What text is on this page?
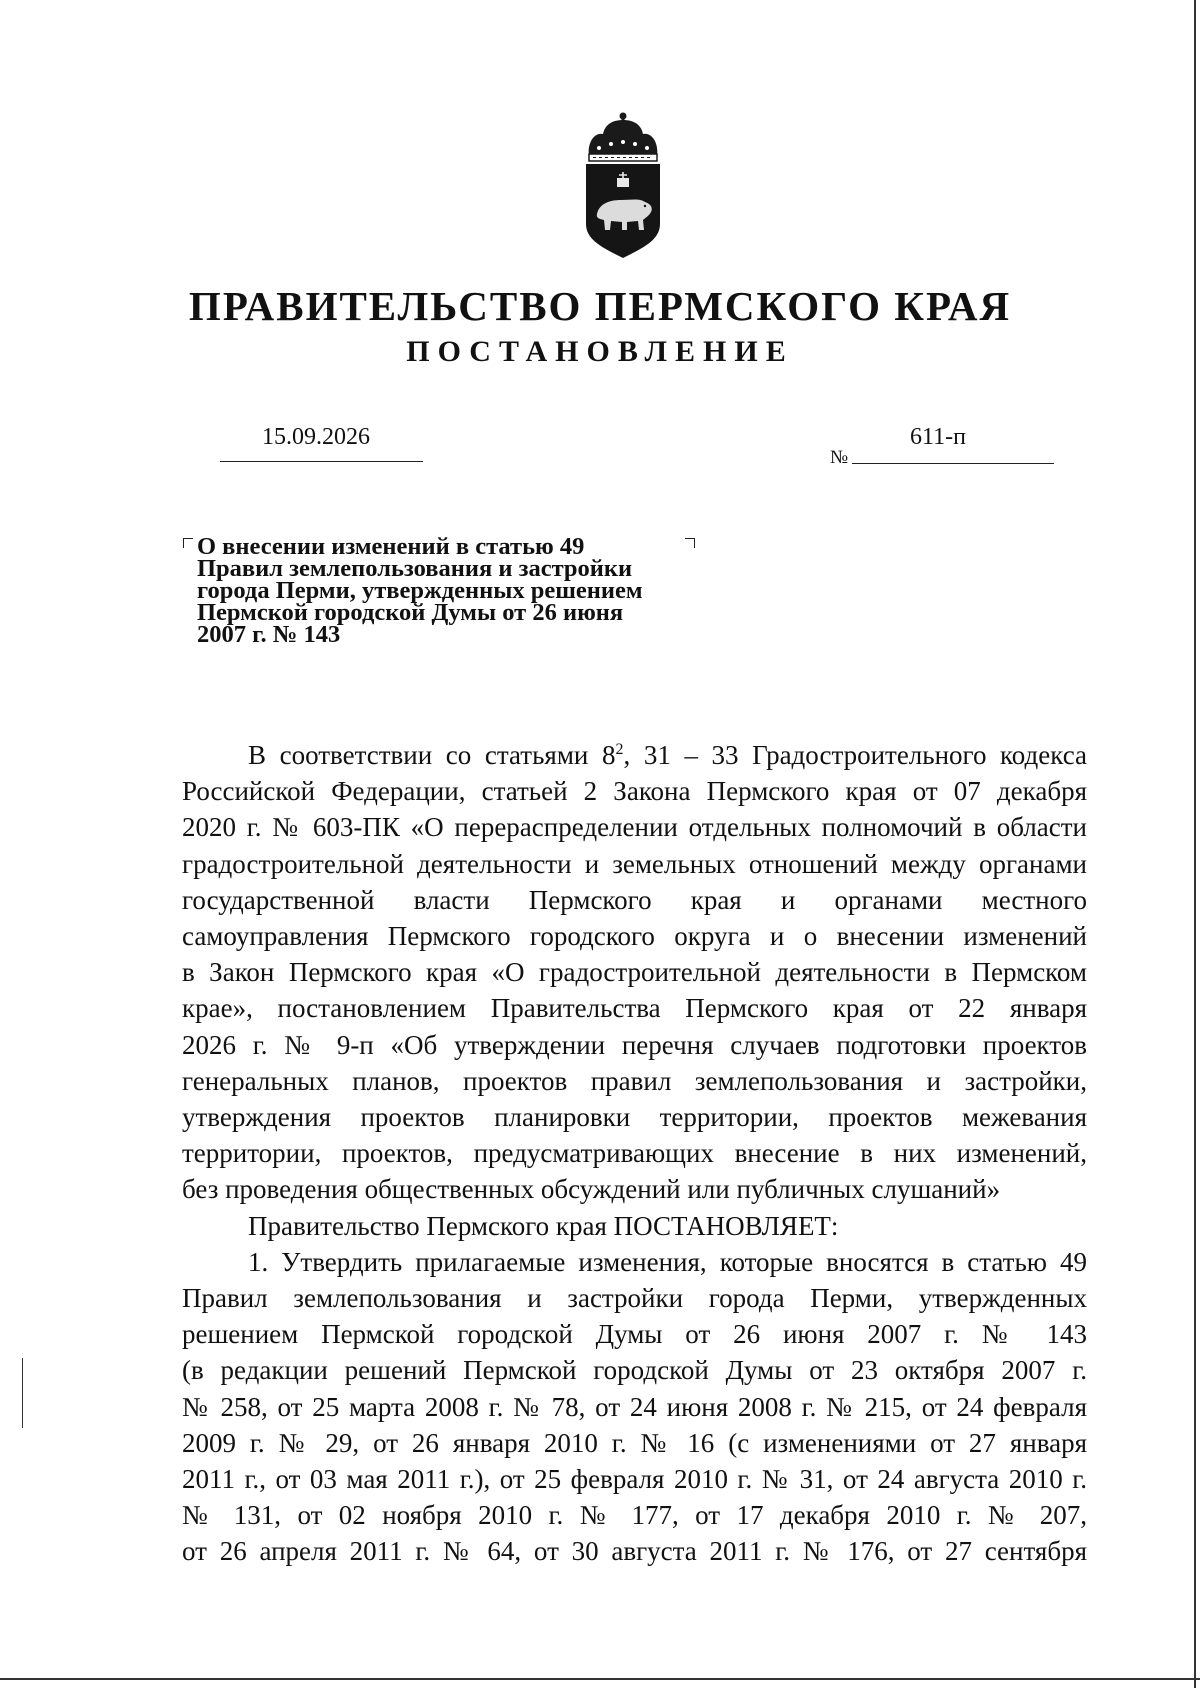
ПРАВИТЕЛЬСТВО ПЕРМСКОГО КРАЯ
ПОСТАНОВЛЕНИЕ
15.09.2026
№
611-п
О внесении изменений в статью 49
Правил землепользования и застройки
города Перми, утвержденных решением
Пермской городской Думы от 26 июня
2007 г. № 143
В соответствии со статьями $8^2$, 31 – 33 Градостроительного кодекса
Российской Федерации, статьей 2 Закона Пермского края от 07 декабря
2020 г. № 603-ПК «О перераспределении отдельных полномочий в области
градостроительной деятельности и земельных отношений между органами
государственной власти Пермского края и органами местного
самоуправления Пермского городского округа и о внесении изменений
в Закон Пермского края «О градостроительной деятельности в Пермском
крае», постановлением Правительства Пермского края от 22 января
2026 г. № 9-п «Об утверждении перечня случаев подготовки проектов
генеральных планов, проектов правил землепользования и застройки,
утверждения проектов планировки территории, проектов межевания
территории, проектов, предусматривающих внесение в них изменений,
без проведения общественных обсуждений или публичных слушаний»
Правительство Пермского края ПОСТАНОВЛЯЕТ:
1. Утвердить прилагаемые изменения, которые вносятся в статью 49
Правил землепользования и застройки города Перми, утвержденных
решением Пермской городской Думы от 26 июня 2007 г. № 143
(в редакции решений Пермской городской Думы от 23 октября 2007 г.
№ 258, от 25 марта 2008 г. № 78, от 24 июня 2008 г. № 215, от 24 февраля
2009 г. № 29, от 26 января 2010 г. № 16 (с изменениями от 27 января
2011 г., от 03 мая 2011 г.), от 25 февраля 2010 г. № 31, от 24 августа 2010 г.
№ 131, от 02 ноября 2010 г. № 177, от 17 декабря 2010 г. № 207,
от 26 апреля 2011 г. № 64, от 30 августа 2011 г. № 176, от 27 сентября
